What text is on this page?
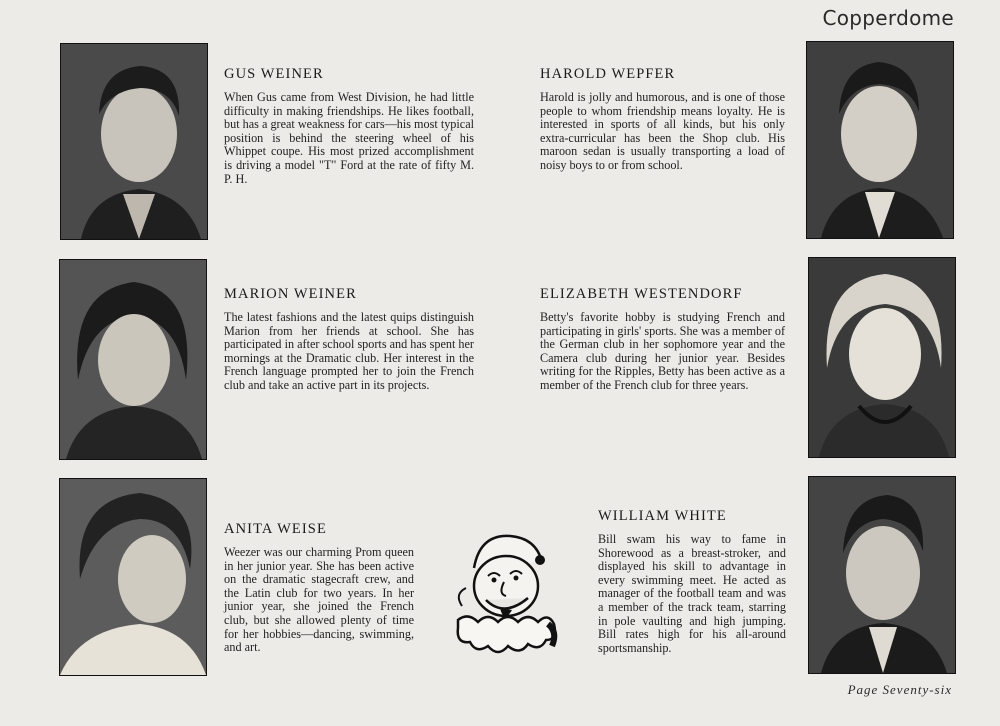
Copperdome
GUS WEINER

When Gus came from West Division, he had little difficulty in making friendships. He likes football, but has a great weakness for cars—his most typical position is behind the steering wheel of his Whippet coupe. His most prized accomplishment is driving a model "T" Ford at the rate of fifty M. P. H.

HAROLD WEPFER

Harold is jolly and humorous, and is one of those people to whom friendship means loyalty. He is interested in sports of all kinds, but his only extra-curricular has been the Shop club. His maroon sedan is usually transporting a load of noisy boys to or from school.

MARION WEINER

The latest fashions and the latest quips distinguish Marion from her friends at school. She has participated in after school sports and has spent her mornings at the Dramatic club. Her interest in the French language prompted her to join the French club and take an active part in its projects.

ELIZABETH WESTENDORF

Betty's favorite hobby is studying French and participating in girls' sports. She was a member of the German club in her sophomore year and the Camera club during her junior year. Besides writing for the Ripples, Betty has been active as a member of the French club for three years.

ANITA WEISE

Weezer was our charming Prom queen in her junior year. She has been active on the dramatic stagecraft crew, and the Latin club for two years. In her junior year, she joined the French club, but she allowed plenty of time for her hobbies—dancing, swimming, and art.

WILLIAM WHITE

Bill swam his way to fame in Shorewood as a breast-stroker, and displayed his skill to advantage in every swimming meet. He acted as manager of the football team and was a member of the track team, starring in pole vaulting and high jumping. Bill rates high for his all-around sportsmanship.

Page Seventy-six
